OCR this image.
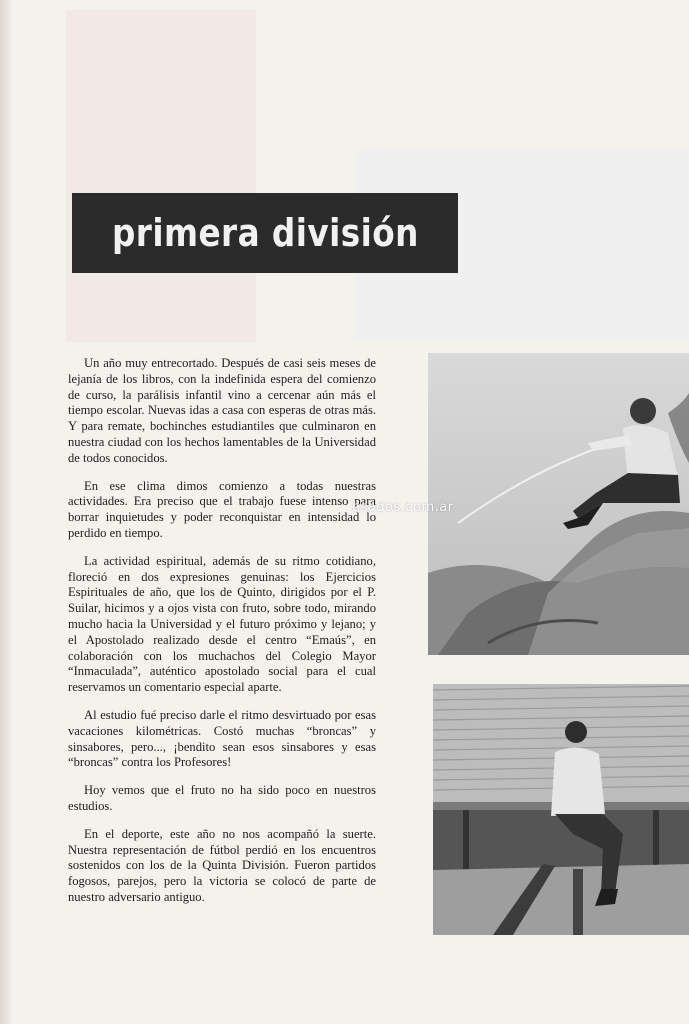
primera división

Un año muy entrecortado. Después de casi seis meses de lejanía de los libros, con la indefinida espera del comienzo de curso, la parálisis infantil vino a cercenar aún más el tiempo escolar. Nuevas idas a casa con esperas de otras más. Y para rematе, bochinches estudiantiles que culminaron en nuestra ciudad con los hechos lamentables de la Universidad de todos conocidos.

En ese clima dimos comienzo a todas nuestras actividades. Era preciso que el trabajo fuese intenso para borrar inquietudes y poder reconquistar en intensidad lo perdido en tiempo.

La actividad espiritual, además de su ritmo cotidiano, floreció en dos expresiones genuinas: los Ejercicios Espirituales de año, que los de Quinto, dirigidos por el P. Suilar, hicimos y a ojos vista con fruto, sobre todo, mirando mucho hacia la Universidad y el futuro próximo y lejano; y el Apostolado realizado desde el centro “Emaús”, en colaboración con los muchachos del Colegio Mayor “Inmaculada”, auténtico apostolado social para el cual reservamos un comentario especial aparte.

Al estudio fué preciso darle el ritmo desvirtuado por esas vacaciones kilométricas. Costó muchas “broncas” y sinsabores, pero..., ¡bendito sean esos sinsabores y esas “broncas” contra los Profesores!

Hoy vemos que el fruto no ha sido poco en nuestros estudios.

En el deporte, este año no nos acompañó la suerte. Nuestra representación de fútbol perdió en los encuentros sostenidos con los de la Quinta División. Fueron partidos fogosos, parejos, pero la victoria se colocó de parte de nuestro adversario antiguo.

esados.com.ar
